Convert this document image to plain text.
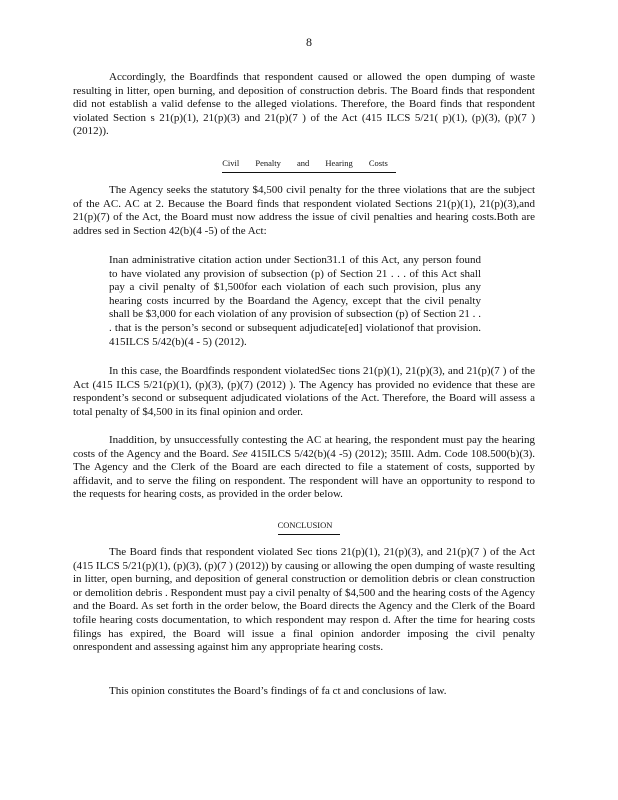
8

Accordingly, the Boardfinds that respondent caused or allowed the open dumping of waste resulting in litter, open burning, and deposition of construction debris. The Board finds that respondent did not establish a valid defense to the alleged violations. Therefore, the Board finds that respondent violated Section s 21(p)(1), 21(p)(3) and 21(p)(7 ) of the Act (415 ILCS 5/21( p)(1), (p)(3), (p)(7 ) (2012)).

Civil Penalty and Hearing Costs

The Agency seeks the statutory $4,500 civil penalty for the three violations that are the subject of the AC. AC at 2. Because the Board finds that respondent violated Sections 21(p)(1), 21(p)(3),and 21(p)(7) of the Act, the Board must now address the issue of civil penalties and hearing costs.Both are addres sed in Section 42(b)(4 -5) of the Act:

Inan administrative citation action under Section31.1 of this Act, any person found to have violated any provision of subsection (p) of Section 21 . . . of this Act shall pay a civil penalty of $1,500for each violation of each such provision, plus any hearing costs incurred by the Boardand the Agency, except that the civil penalty shall be $3,000 for each violation of any provision of subsection (p) of Section 21 . . . that is the person’s second or subsequent adjudicate[ed] violationof that provision. 415ILCS 5/42(b)(4 - 5) (2012).

In this case, the Boardfinds respondent violatedSec tions 21(p)(1), 21(p)(3), and 21(p)(7 ) of the Act (415 ILCS 5/21(p)(1), (p)(3), (p)(7) (2012) ). The Agency has provided no evidence that these are respondent’s second or subsequent adjudicated violations of the Act. Therefore, the Board will assess a total penalty of $4,500 in its final opinion and order.

Inaddition, by unsuccessfully contesting the AC at hearing, the respondent must pay the hearing costs of the Agency and the Board. See 415ILCS 5/42(b)(4 -5) (2012); 35Ill. Adm. Code 108.500(b)(3). The Agency and the Clerk of the Board are each directed to file a statement of costs, supported by affidavit, and to serve the filing on respondent. The respondent will have an opportunity to respond to the requests for hearing costs, as provided in the order below.

CONCLUSION

The Board finds that respondent violated Sec tions 21(p)(1), 21(p)(3), and 21(p)(7 ) of the Act (415 ILCS 5/21(p)(1), (p)(3), (p)(7 ) (2012)) by causing or allowing the open dumping of waste resulting in litter, open burning, and deposition of general construction or demolition debris or clean construction or demolition debris . Respondent must pay a civil penalty of $4,500 and the hearing costs of the Agency and the Board. As set forth in the order below, the Board directs the Agency and the Clerk of the Board tofile hearing costs documentation, to which respondent may respon d. After the time for hearing costs filings has expired, the Board will issue a final opinion andorder imposing the civil penalty onrespondent and assessing against him any appropriate hearing costs.

This opinion constitutes the Board’s findings of fa ct and conclusions of law.
